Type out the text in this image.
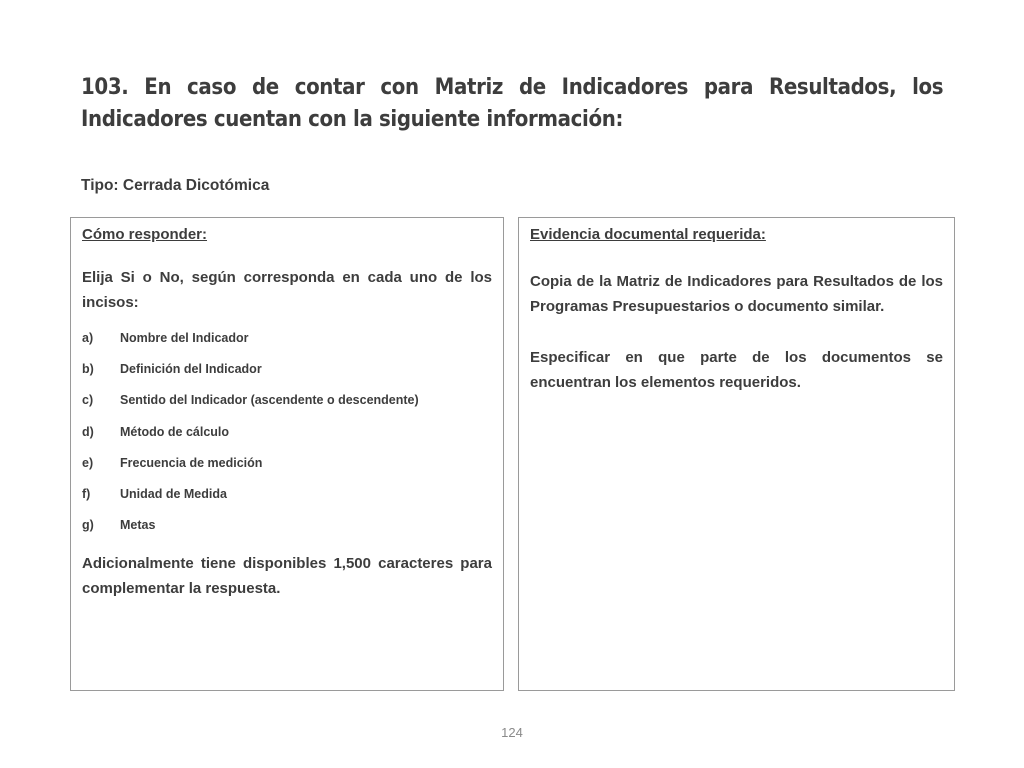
103. En caso de contar con Matriz de Indicadores para Resultados, los Indicadores cuentan con la siguiente información:

Tipo: Cerrada Dicotómica

Cómo responder:

Elija Si o No, según corresponda en cada uno de los incisos:

a)	Nombre del Indicador
b)	Definición del Indicador
c)	Sentido del Indicador (ascendente o descendente)
d)	Método de cálculo
e)	Frecuencia de medición
f)	Unidad de Medida
g)	Metas

Adicionalmente tiene disponibles 1,500 caracteres para complementar la respuesta.

Evidencia documental requerida:

Copia de la Matriz de Indicadores para Resultados de los Programas Presupuestarios o documento similar.

Especificar en que parte de los documentos se encuentran los elementos requeridos.

124
